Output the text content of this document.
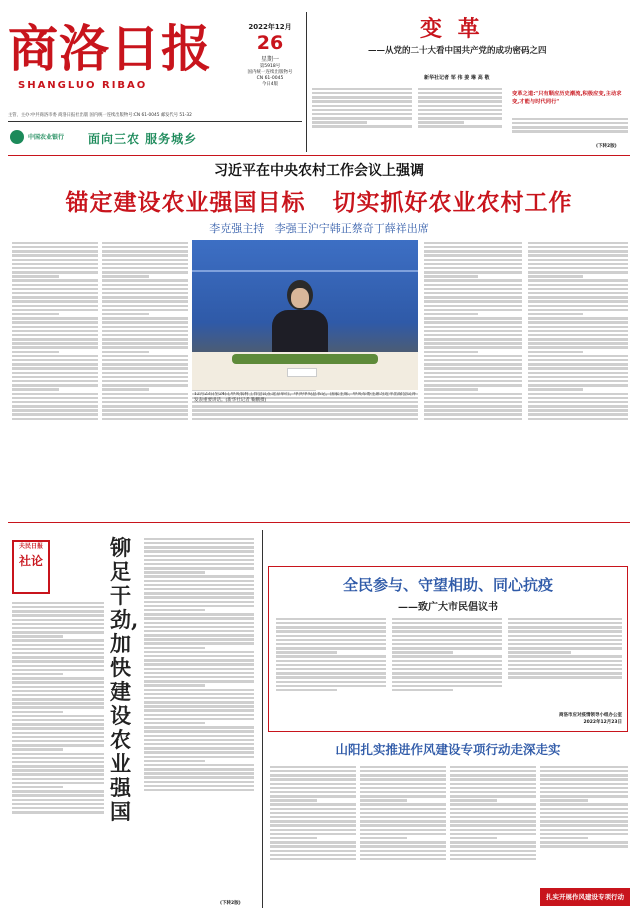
商洛日报
SHANGLUO RIBAO
2022年12月
26
星期一
第5918号
国内统一连续出版物号
CN 61-0045
今日4版
主管、主办:中共商洛市委 商洛日报社出版 国内统一连续出版物号:CN 61-0045 邮发代号 51-32
中国农业银行 面向三农 服务城乡
变 革
——从党的二十大看中国共产党的成功密码之四
新华社记者 邹 伟 姜 琳 高 敬
变革之道:"只有顺应历史潮流,积极应变,主动求变,才能与时代同行"
(下转2版)
习近平在中央农村工作会议上强调
锚定建设农业强国目标   切实抓好农业农村工作
李克强主持   李强王沪宁韩正蔡奇丁薛祥出席
12月23日至24日,中央农村工作会议在北京举行。中共中央总书记、国家主席、中央军委主席习近平出席会议并发表重要讲话。(新华社记者 鞠鹏摄)
夫民日报
社论
铆足干劲,加快建设农业强国
(下转2版)
全民参与、守望相助、同心抗疫
——致广大市民倡议书
商洛市应对疫情领导小组办公室
2022年12月23日
山阳扎实推进作风建设专项行动走深走实
扎实开展作风建设专项行动
